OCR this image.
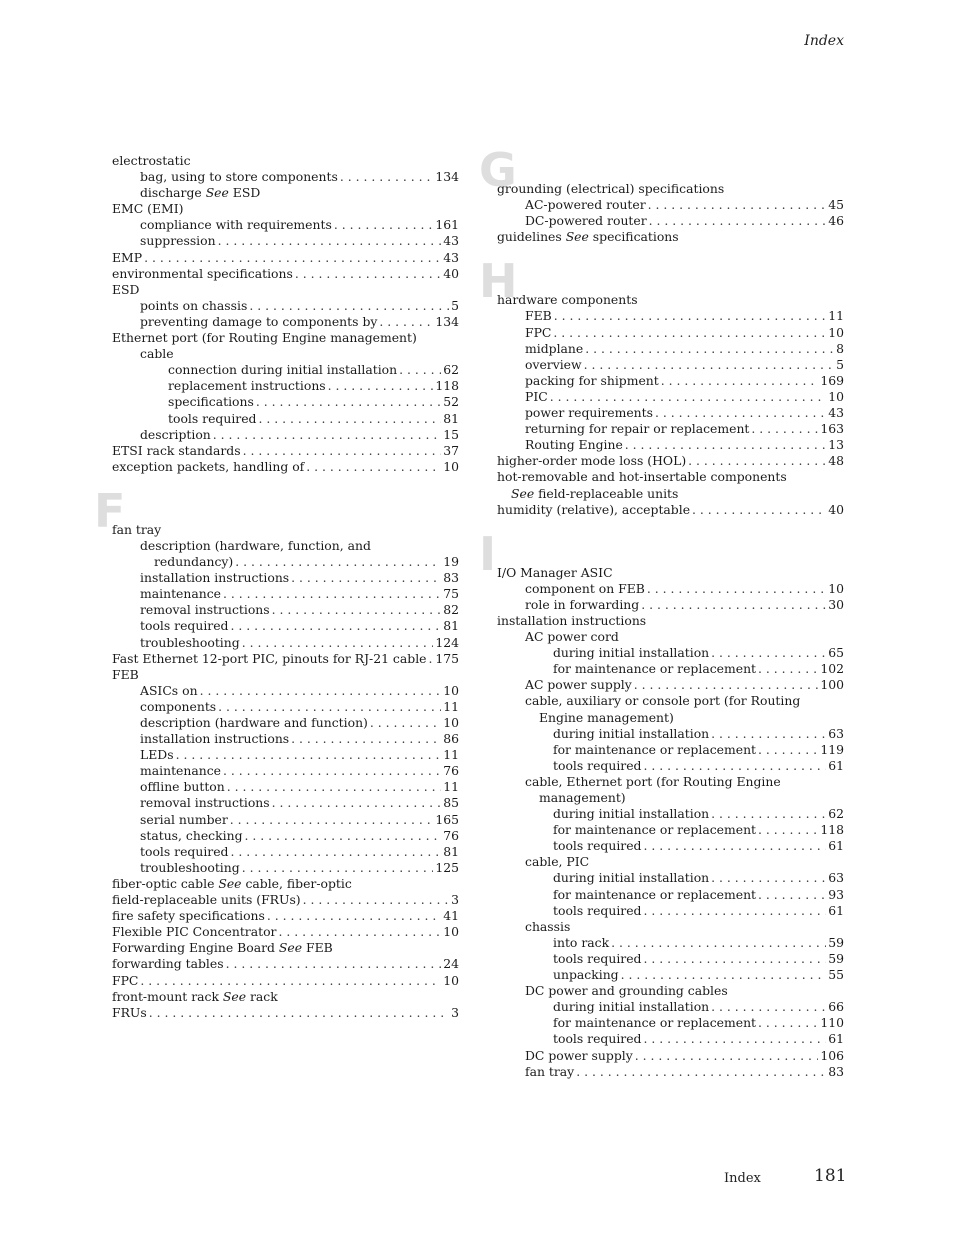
Index
electrostatic
bag, using to store components . . .	134
discharge See ESD
EMC (EMI)
compliance with requirements . . .	161
suppression . . .	43
EMP . . .	43
environmental specifications . . .	40
ESD
points on chassis . . .	5
preventing damage to components by . . .	134
Ethernet port (for Routing Engine management)
cable
connection during initial installation . . .	62
replacement instructions . . .	118
specifications . . .	52
tools required . . .	81
description . . .	15
ETSI rack standards . . .	37
exception packets, handling of . . .	10
F
fan tray
description (hardware, function, and
redundancy) . . .	19
installation instructions . . .	83
maintenance . . .	75
removal instructions . . .	82
tools required . . .	81
troubleshooting . . .	124
Fast Ethernet 12-port PIC, pinouts for RJ-21 cable . . . 175
FEB
ASICs on . . .	10
components . . .	11
description (hardware and function) . . .	10
installation instructions . . .	86
LEDs . . .	11
maintenance . . .	76
offline button . . .	11
removal instructions . . .	85
serial number . . .	165
status, checking . . .	76
tools required . . .	81
troubleshooting . . .	125
fiber-optic cable See cable, fiber-optic
field-replaceable units (FRUs) . . .	3
fire safety specifications . . .	41
Flexible PIC Concentrator . . .	10
Forwarding Engine Board See FEB
forwarding tables . . .	24
FPC . . .	10
front-mount rack See rack
FRUs . . .	3
G
grounding (electrical) specifications
AC-powered router . . .	45
DC-powered router . . .	46
guidelines See specifications
H
hardware components
FEB . . .	11
FPC . . .	10
midplane . . .	8
overview . . .	5
packing for shipment . . .	169
PIC . . .	10
power requirements . . .	43
returning for repair or replacement . . .	163
Routing Engine . . .	13
higher-order mode loss (HOL) . . .	48
hot-removable and hot-insertable components
See field-replaceable units
humidity (relative), acceptable . . .	40
I I/O Manager ASIC
component on FEB . . .	10
role in forwarding . . .	30
installation instructions
AC power cord
during initial installation . . .	65
for maintenance or replacement . . .	102
AC power supply . . .	100
cable, auxiliary or console port (for Routing
Engine management)
during initial installation . . .	63
for maintenance or replacement . . .	119
tools required . . .	61
cable, Ethernet port (for Routing Engine
management)
during initial installation . . .	62
for maintenance or replacement . . .	118
tools required . . .	61
cable, PIC
during initial installation . . .	63
for maintenance or replacement . . .	93
tools required . . .	61
chassis
into rack . . .	59
tools required . . .	59
unpacking . . .	55
DC power and grounding cables
during initial installation . . .	66
for maintenance or replacement . . .	110
tools required . . .	61
DC power supply . . .	106
fan tray . . .	83
Index	181
